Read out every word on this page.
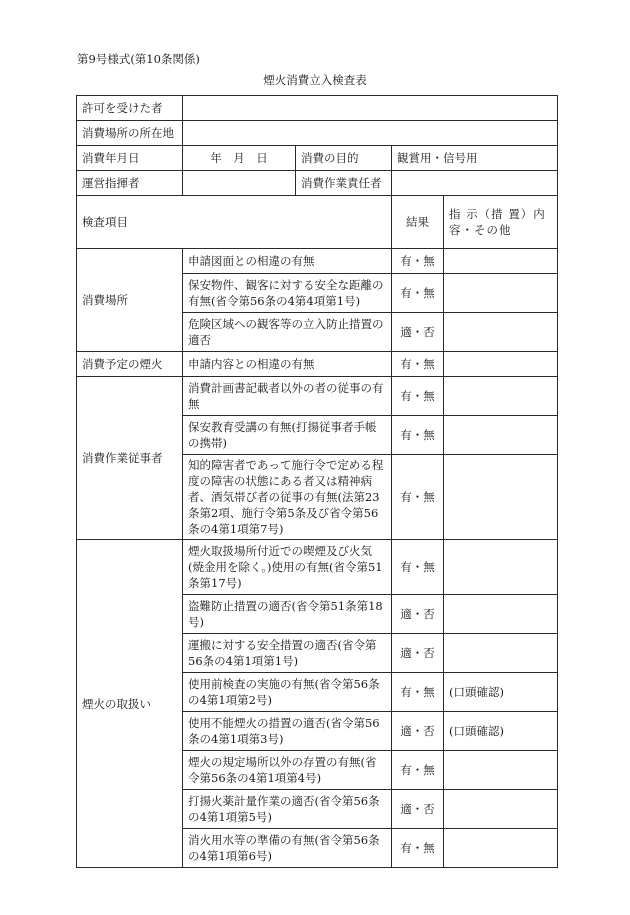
第9号様式(第10条関係)
煙火消費立入検査表
許可を受けた者				
消費場所の所在地				
消費年月日	年　月　日	消費の目的	観賞用・信号用	
運営指揮者		消費作業責任者		
検査項目			結果	指 示（措 置）内容・その他
消費場所	申請図面との相違の有無		有・無	
	保安物件、観客に対する安全な距離の有無(省令第56条の4第4項第1号)		有・無	
	危険区域への観客等の立入防止措置の適否		適・否	
消費予定の煙火	申請内容との相違の有無		有・無	
消費作業従事者	消費計画書記載者以外の者の従事の有無		有・無	
	保安教育受講の有無(打揚従事者手帳の携帯)		有・無	
	知的障害者であって施行令で定める程度の障害の状態にある者又は精神病者、酒気帯び者の従事の有無(法第23条第2項、施行令第5条及び省令第56条の4第1項第7号)		有・無	
煙火の取扱い	煙火取扱場所付近での喫煙及び火気(焼金用を除く。)使用の有無(省令第51条第17号)		有・無	
	盗難防止措置の適否(省令第51条第18号)		適・否	
	運搬に対する安全措置の適否(省令第56条の4第1項第1号)		適・否	
	使用前検査の実施の有無(省令第56条の4第1項第2号)		有・無	(口頭確認)
	使用不能煙火の措置の適否(省令第56条の4第1項第3号)		適・否	(口頭確認)
	煙火の規定場所以外の存置の有無(省令第56条の4第1項第4号)		有・無	
	打揚火薬計量作業の適否(省令第56条の4第1項第5号)		適・否	
	消火用水等の準備の有無(省令第56条の4第1項第6号)		有・無	
